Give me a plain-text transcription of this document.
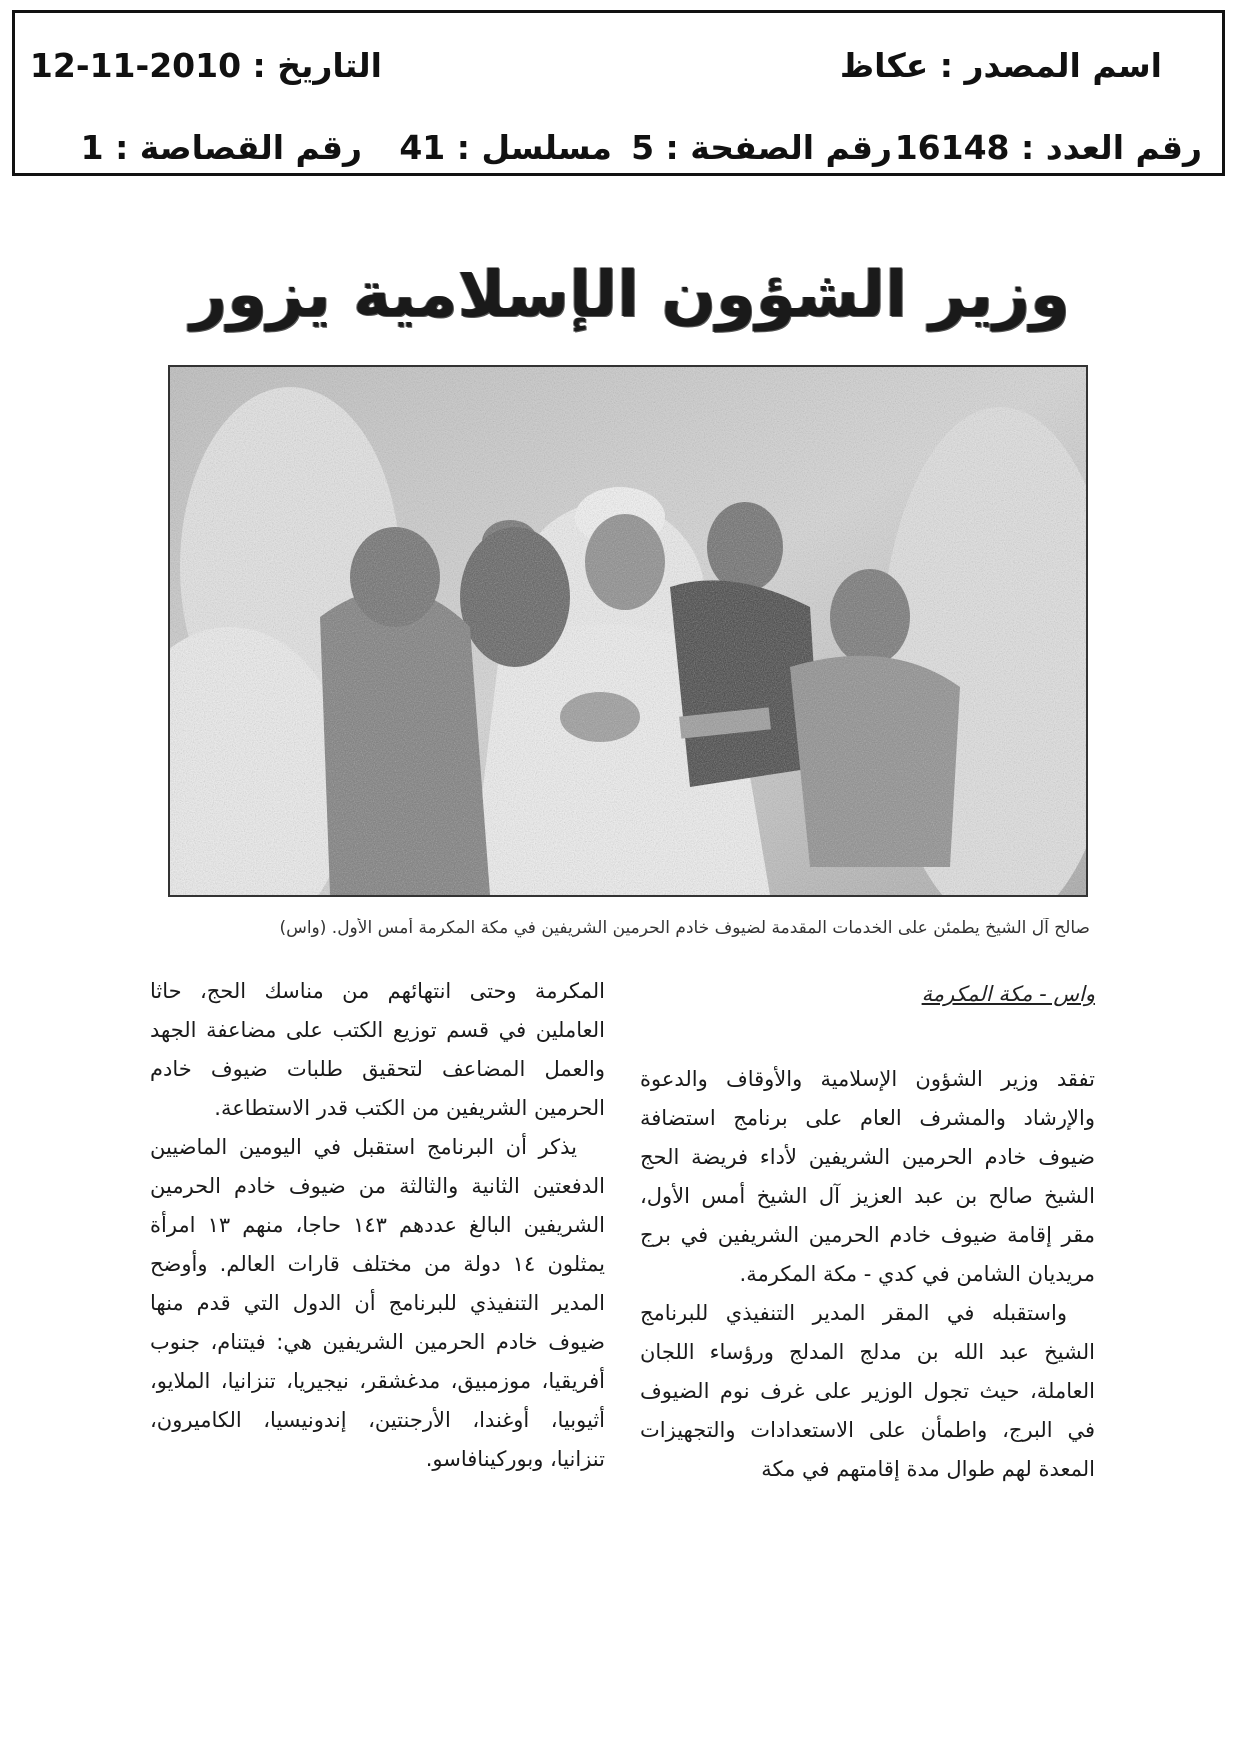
اسم المصدر : عكاظ
التاريخ : 2010-11-12
رقم العدد : 16148
رقم الصفحة : 5
مسلسل : 41
رقم القصاصة : 1
وزير الشؤون الإسلامية يزور
صالح آل الشيخ يطمئن على الخدمات المقدمة لضيوف خادم الحرمين الشريفين في مكة المكرمة أمس الأول. (واس)
واس - مكة المكرمة

تفقد وزير الشؤون الإسلامية والأوقاف والدعوة والإرشاد والمشرف العام على برنامج استضافة ضيوف خادم الحرمين الشريفين لأداء فريضة الحج الشيخ صالح بن عبد العزيز آل الشيخ أمس الأول، مقر إقامة ضيوف خادم الحرمين الشريفين في برج مريديان الشامن في كدي - مكة المكرمة.

واستقبله في المقر المدير التنفيذي للبرنامج الشيخ عبد الله بن مدلج المدلج ورؤساء اللجان العاملة، حيث تجول الوزير على غرف نوم الضيوف في البرج، واطمأن على الاستعدادات والتجهيزات المعدة لهم طوال مدة إقامتهم في مكة

المكرمة وحتى انتهائهم من مناسك الحج، حاثا العاملين في قسم توزيع الكتب على مضاعفة الجهد والعمل المضاعف لتحقيق طلبات ضيوف خادم الحرمين الشريفين من الكتب قدر الاستطاعة.

يذكر أن البرنامج استقبل في اليومين الماضيين الدفعتين الثانية والثالثة من ضيوف خادم الحرمين الشريفين البالغ عددهم ١٤٣ حاجا، منهم ١٣ امرأة يمثلون ١٤ دولة من مختلف قارات العالم. وأوضح المدير التنفيذي للبرنامج أن الدول التي قدم منها ضيوف خادم الحرمين الشريفين هي: فيتنام، جنوب أفريقيا، موزمبيق، مدغشقر، نيجيريا، تنزانيا، الملايو، أثيوبيا، أوغندا، الأرجنتين، إندونيسيا، الكاميرون، تنزانيا، وبوركينافاسو.
